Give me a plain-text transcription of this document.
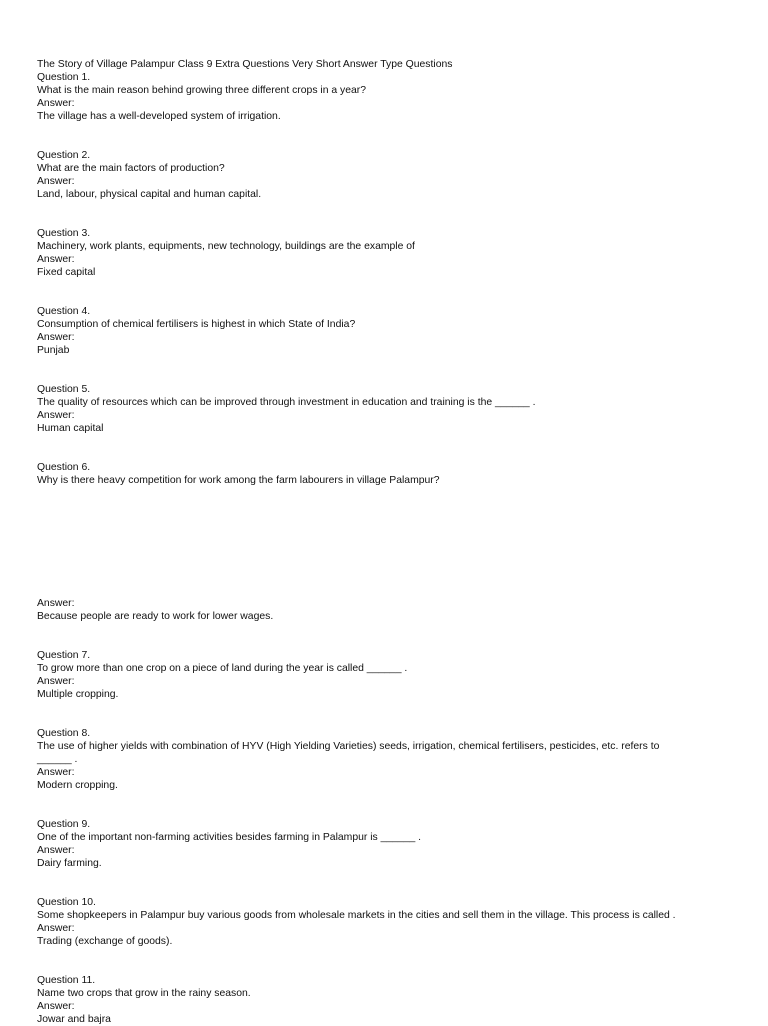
The Story of Village Palampur Class 9 Extra Questions Very Short Answer Type Questions
Question 1.
What is the main reason behind growing three different crops in a year?
Answer:
The village has a well-developed system of irrigation.
Question 2.
What are the main factors of production?
Answer:
Land, labour, physical capital and human capital.
Question 3.
Machinery, work plants, equipments, new technology, buildings are the example of
Answer:
Fixed capital
Question 4.
Consumption of chemical fertilisers is highest in which State of India?
Answer:
Punjab
Question 5.
The quality of resources which can be improved through investment in education and training is the ______ .
Answer:
Human capital
Question 6.
Why is there heavy competition for work among the farm labourers in village Palampur?
Answer:
Because people are ready to work for lower wages.
Question 7.
To grow more than one crop on a piece of land during the year is called ______ .
Answer:
Multiple cropping.
Question 8.
The use of higher yields with combination of HYV (High Yielding Varieties) seeds, irrigation, chemical fertilisers, pesticides, etc. refers to
______ .
Answer:
Modern cropping.
Question 9.
One of the important non-farming activities besides farming in Palampur is ______ .
Answer:
Dairy farming.
Question 10.
Some shopkeepers in Palampur buy various goods from wholesale markets in the cities and sell them in the village. This process is called .
Answer:
Trading (exchange of goods).
Question 11.
Name two crops that grow in the rainy season.
Answer:
Jowar and bajra
